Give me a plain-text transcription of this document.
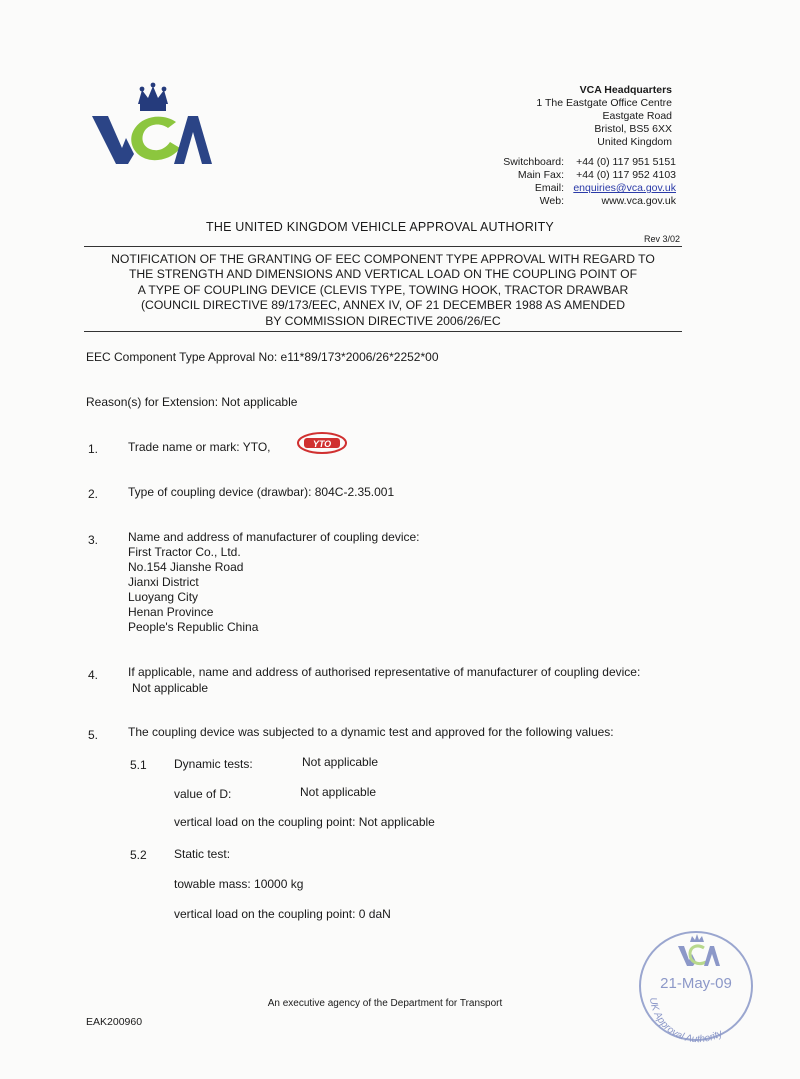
VCA Headquarters
1 The Eastgate Office Centre
Eastgate Road
Bristol, BS5 6XX
United Kingdom
Switchboard:	+44 (0) 117 951 5151
Main Fax:	+44 (0) 117 952 4103
Email: enquiries@vca.gov.uk
Web:	www.vca.gov.uk
THE UNITED KINGDOM VEHICLE APPROVAL AUTHORITY
Rev 3/02
NOTIFICATION OF THE GRANTING OF EEC COMPONENT TYPE APPROVAL WITH REGARD TO
THE STRENGTH AND DIMENSIONS AND VERTICAL LOAD ON THE COUPLING POINT OF
A TYPE OF COUPLING DEVICE (CLEVIS TYPE, TOWING HOOK, TRACTOR DRAWBAR
(COUNCIL DIRECTIVE 89/173/EEC, ANNEX IV, OF 21 DECEMBER 1988 AS AMENDED
BY COMMISSION DIRECTIVE 2006/26/EC
EEC Component Type Approval No: e11*89/173*2006/26*2252*00
Reason(s) for Extension: Not applicable
1. Trade name or mark: YTO,	YTO
2. Type of coupling device (drawbar): 804C-2.35.001
3. Name and address of manufacturer of coupling device:
First Tractor Co., Ltd.
No.154 Jianshe Road
Jianxi District
Luoyang City
Henan Province
People's Republic China
4. If applicable, name and address of authorised representative of manufacturer of coupling device:
Not applicable
5. The coupling device was subjected to a dynamic test and approved for the following values:
5.1 Dynamic tests:	Not applicable
value of D:	Not applicable
vertical load on the coupling point: Not applicable
5.2 Static test:
towable mass: 10000 kg
vertical load on the coupling point: 0 daN
An executive agency of the Department for Transport
EAK200960
21-May-09
UK Approval Authority
